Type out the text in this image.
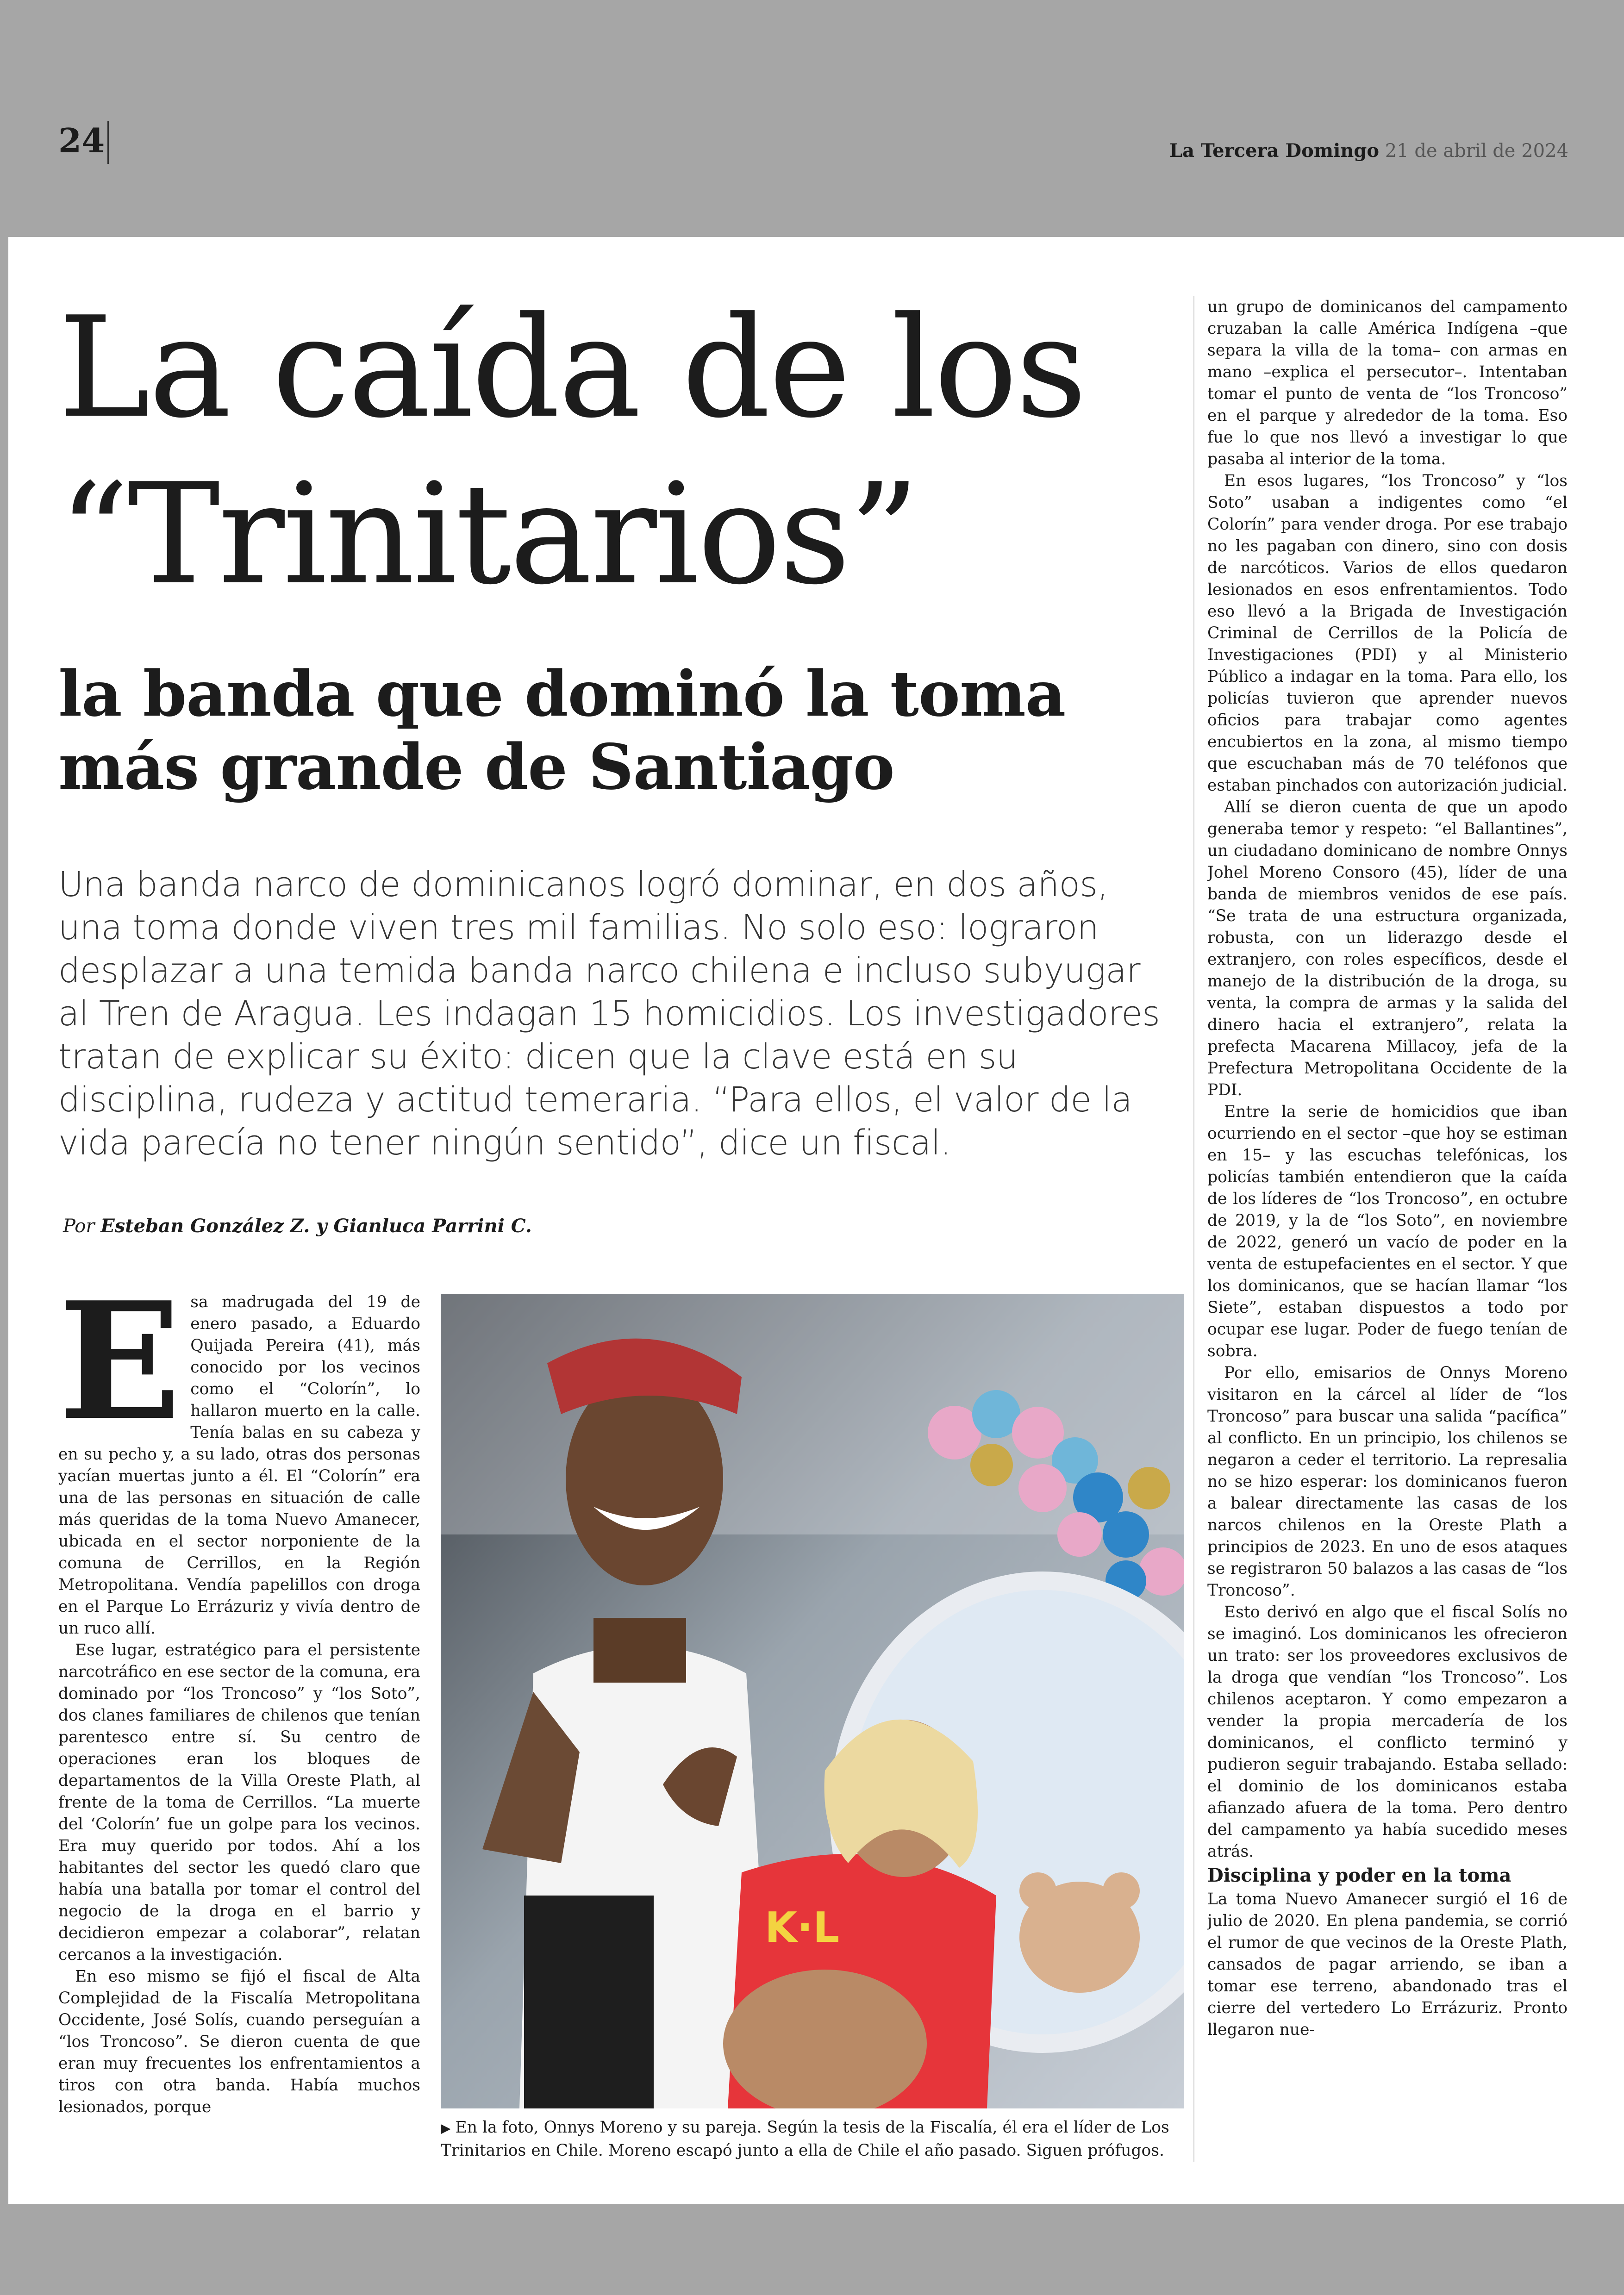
24	La Tercera Domingo 21 de abril de 2024
La caída de los
“Trinitarios”
la banda que dominó la toma
más grande de Santiago

Una banda narco de dominicanos logró dominar, en dos años, una toma donde viven tres mil familias. No solo eso: lograron desplazar a una temida banda narco chilena e incluso subyugar al Tren de Aragua. Les indagan 15 homicidios. Los investigadores tratan de explicar su éxito: dicen que la clave está en su disciplina, rudeza y actitud temeraria. “Para ellos, el valor de la vida parecía no tener ningún sentido”, dice un fiscal.

Por Esteban González Z. y Gianluca Parrini C.
E sa madrugada del 19 de enero pasado, a Eduardo Quijada Pereira (41), más conocido por los vecinos como el “Colorín”, lo hallaron muerto en la calle. Tenía balas en su cabeza y en su pecho y, a su lado, otras dos personas yacían muertas junto a él. El “Colorín” era una de las personas en situación de calle más queridas de la toma Nuevo Amanecer, ubicada en el sector norponiente de la comuna de Cerrillos, en la Región Metropolitana. Vendía papelillos con droga en el Parque Lo Errázuriz y vivía dentro de un ruco allí.

Ese lugar, estratégico para el persistente narcotráfico en ese sector de la comuna, era dominado por “los Troncoso” y “los Soto”, dos clanes familiares de chilenos que tenían parentesco entre sí. Su centro de operaciones eran los bloques de departamentos de la Villa Oreste Plath, al frente de la toma de Cerrillos. “La muerte del ‘Colorín’ fue un golpe para los vecinos. Era muy querido por todos. Ahí a los habitantes del sector les quedó claro que había una batalla por tomar el control del negocio de la droga en el barrio y decidieron empezar a colaborar”, relatan cercanos a la investigación.

En eso mismo se fijó el fiscal de Alta Complejidad de la Fiscalía Metropolitana Occidente, José Solís, cuando perseguían a “los Troncoso”. Se dieron cuenta de que eran muy frecuentes los enfrentamientos a tiros con otra banda. Había muchos lesionados, porque

K·L
▶ En la foto, Onnys Moreno y su pareja. Según la tesis de la Fiscalía, él era el líder de Los Trinitarios en Chile. Moreno escapó junto a ella de Chile el año pasado. Siguen prófugos.

un grupo de dominicanos del campamento cruzaban la calle América Indígena –que separa la villa de la toma– con armas en mano –explica el persecutor–. Intentaban tomar el punto de venta de “los Troncoso” en el parque y alrededor de la toma. Eso fue lo que nos llevó a investigar lo que pasaba al interior de la toma.

En esos lugares, “los Troncoso” y “los Soto” usaban a indigentes como “el Colorín” para vender droga. Por ese trabajo no les pagaban con dinero, sino con dosis de narcóticos. Varios de ellos quedaron lesionados en esos enfrentamientos. Todo eso llevó a la Brigada de Investigación Criminal de Cerrillos de la Policía de Investigaciones (PDI) y al Ministerio Público a indagar en la toma. Para ello, los policías tuvieron que aprender nuevos oficios para trabajar como agentes encubiertos en la zona, al mismo tiempo que escuchaban más de 70 teléfonos que estaban pinchados con autorización judicial.

Allí se dieron cuenta de que un apodo generaba temor y respeto: “el Ballantines”, un ciudadano dominicano de nombre Onnys Johel Moreno Consoro (45), líder de una banda de miembros venidos de ese país. “Se trata de una estructura organizada, robusta, con un liderazgo desde el extranjero, con roles específicos, desde el manejo de la distribución de la droga, su venta, la compra de armas y la salida del dinero hacia el extranjero”, relata la prefecta Macarena Millacoy, jefa de la Prefectura Metropolitana Occidente de la PDI.

Entre la serie de homicidios que iban ocurriendo en el sector –que hoy se estiman en 15– y las escuchas telefónicas, los policías también entendieron que la caída de los líderes de “los Troncoso”, en octubre de 2019, y la de “los Soto”, en noviembre de 2022, generó un vacío de poder en la venta de estupefacientes en el sector. Y que los dominicanos, que se hacían llamar “los Siete”, estaban dispuestos a todo por ocupar ese lugar. Poder de fuego tenían de sobra.

Por ello, emisarios de Onnys Moreno visitaron en la cárcel al líder de “los Troncoso” para buscar una salida “pacífica” al conflicto. En un principio, los chilenos se negaron a ceder el territorio. La represalia no se hizo esperar: los dominicanos fueron a balear directamente las casas de los narcos chilenos en la Oreste Plath a principios de 2023. En uno de esos ataques se registraron 50 balazos a las casas de “los Troncoso”.

Esto derivó en algo que el fiscal Solís no se imaginó. Los dominicanos les ofrecieron un trato: ser los proveedores exclusivos de la droga que vendían “los Troncoso”. Los chilenos aceptaron. Y como empezaron a vender la propia mercadería de los dominicanos, el conflicto terminó y pudieron seguir trabajando. Estaba sellado: el dominio de los dominicanos estaba afianzado afuera de la toma. Pero dentro del campamento ya había sucedido meses atrás.

Disciplina y poder en la toma

La toma Nuevo Amanecer surgió el 16 de julio de 2020. En plena pandemia, se corrió el rumor de que vecinos de la Oreste Plath, cansados de pagar arriendo, se iban a tomar ese terreno, abandonado tras el cierre del vertedero Lo Errázuriz. Pronto llegaron nue-
